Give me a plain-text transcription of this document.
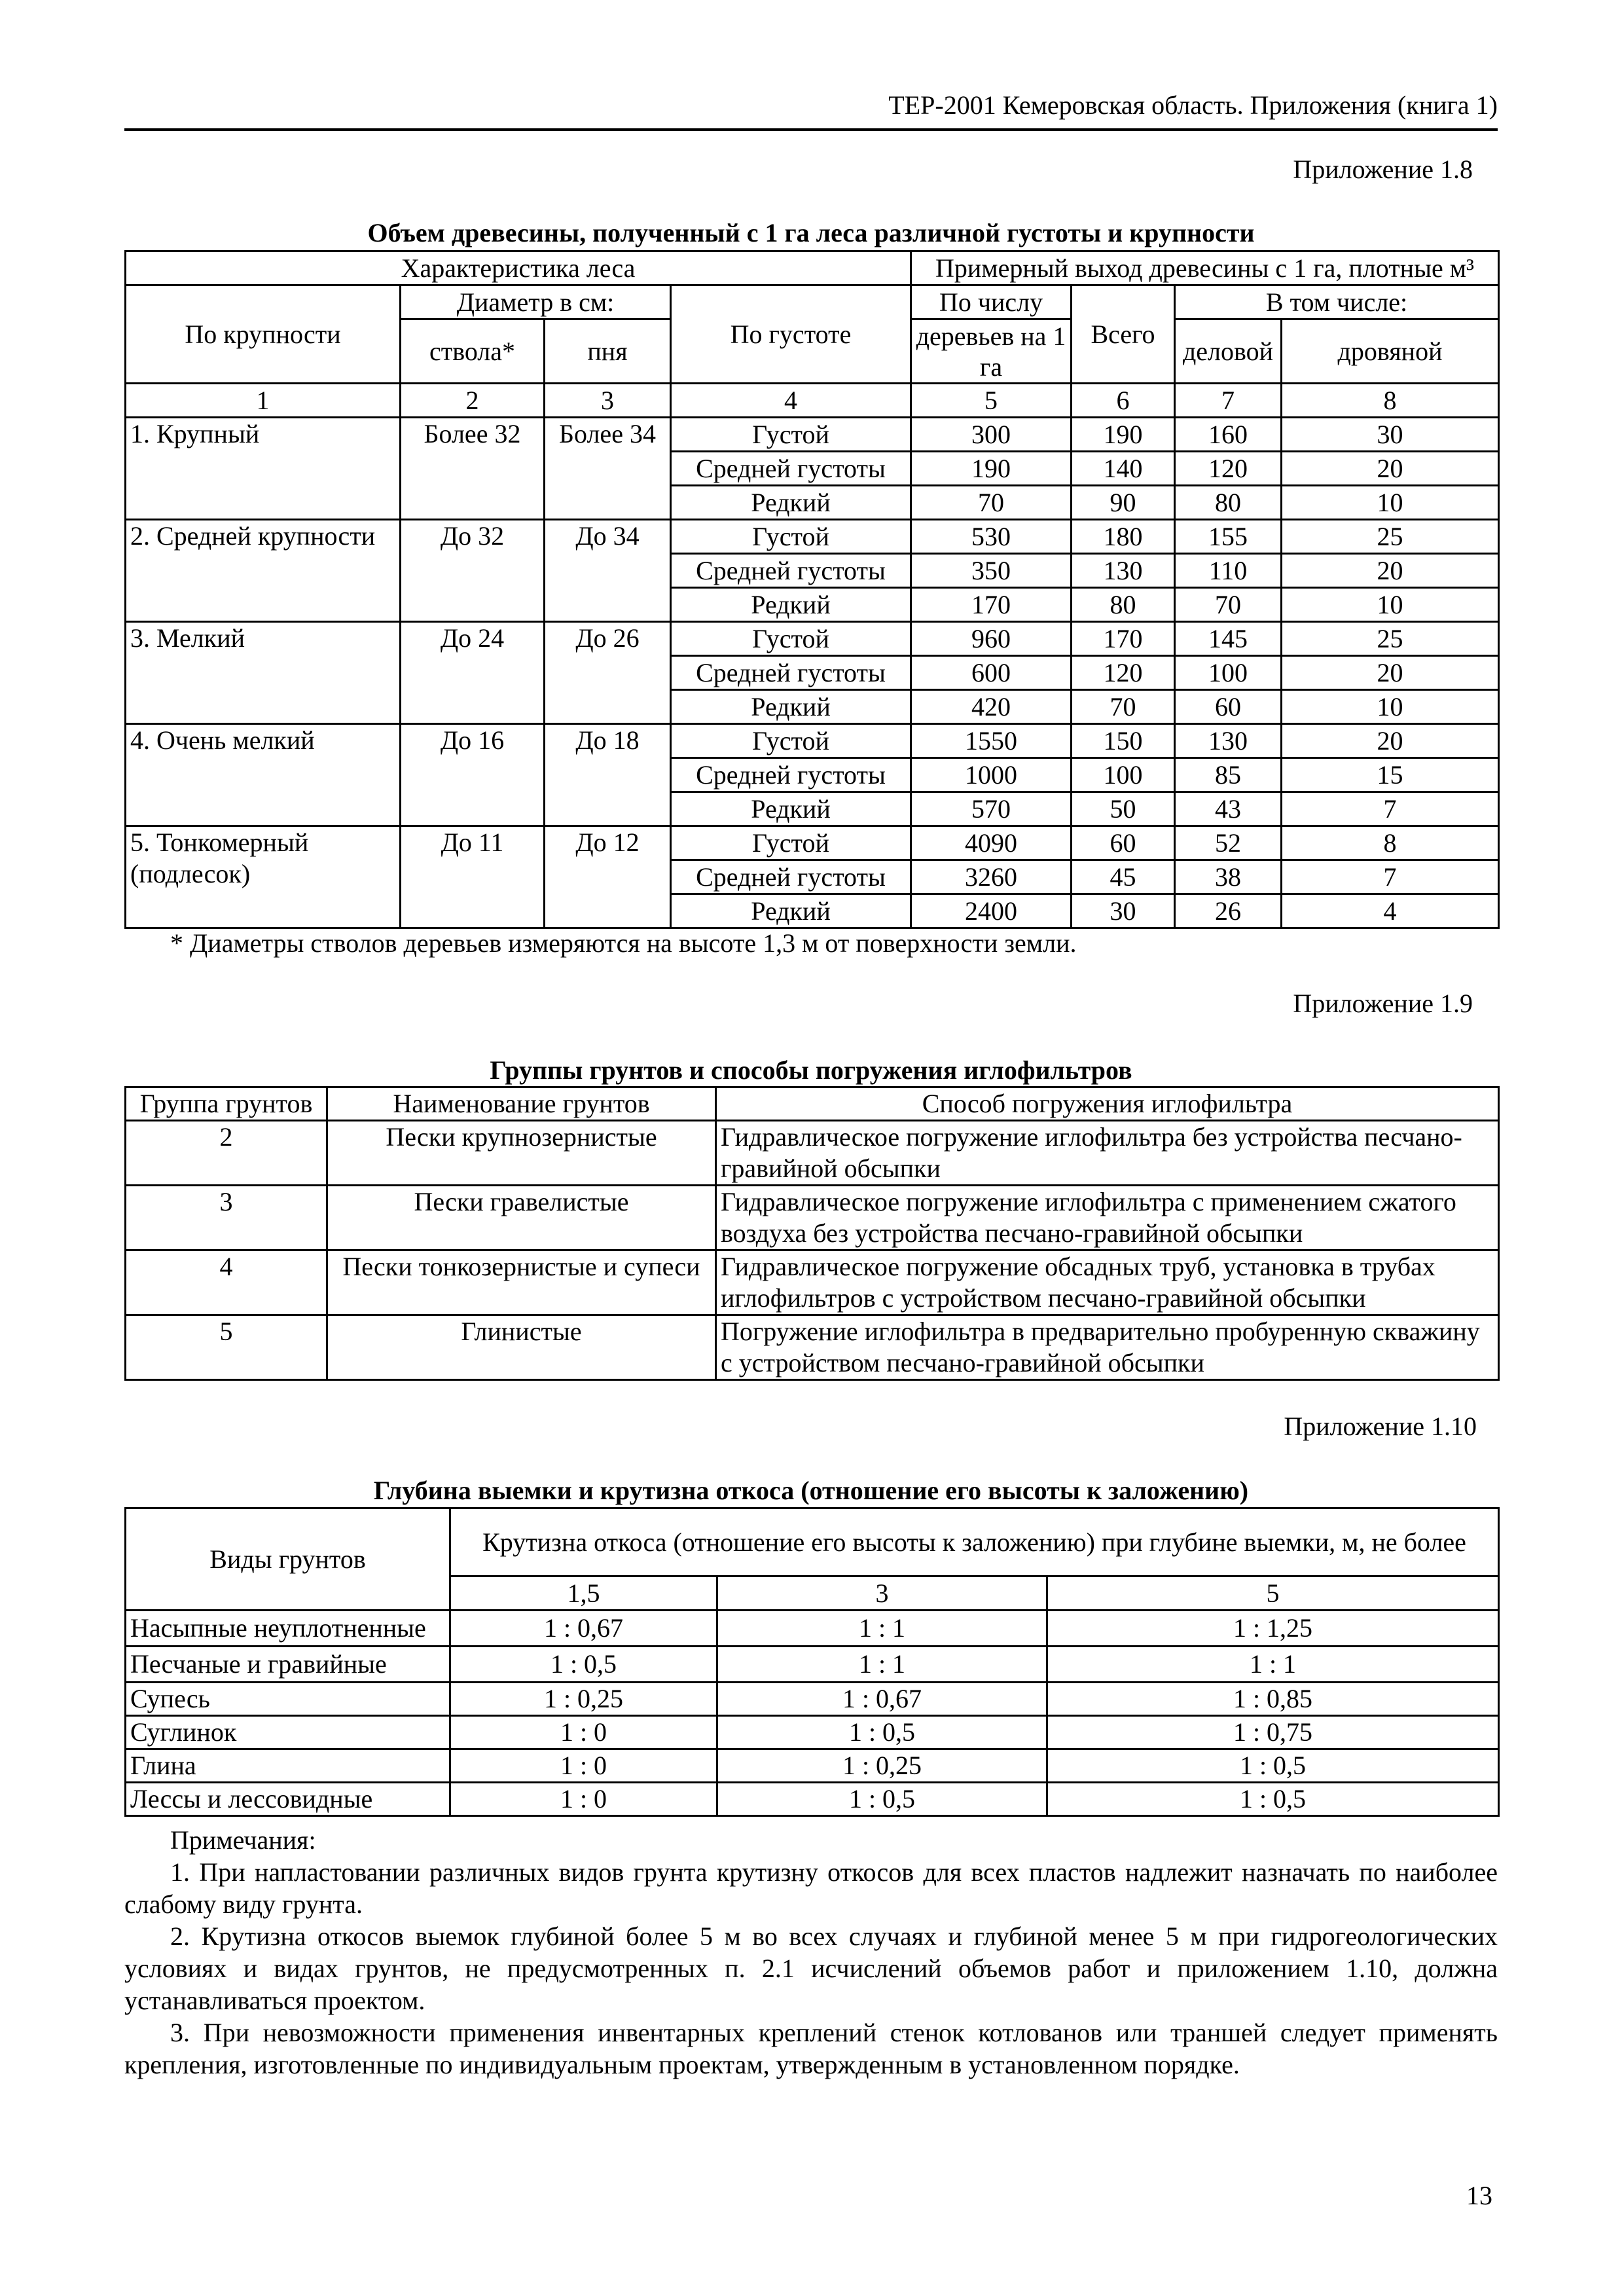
ТЕР-2001 Кемеровская область. Приложения (книга 1)
Приложение 1.8
Объем древесины, полученный с 1 га леса различной густоты и крупности
Характеристика леса				Примерный выход древесины с 1 га, плотные м³			
По крупности	Диаметр в см:		По густоте	По числу	Всего	В том числе:	
	ствола*	пня		деревьев на 1 га		деловой	дровяной
1	2	3	4	5	6	7	8
1. Крупный	Более 32	Более 34	Густой	300	190	160	30
			Средней густоты	190	140	120	20
			Редкий	70	90	80	10
2. Средней крупности	До 32	До 34	Густой	530	180	155	25
			Средней густоты	350	130	110	20
			Редкий	170	80	70	10
3. Мелкий	До 24	До 26	Густой	960	170	145	25
			Средней густоты	600	120	100	20
			Редкий	420	70	60	10
4. Очень мелкий	До 16	До 18	Густой	1550	150	130	20
			Средней густоты	1000	100	85	15
			Редкий	570	50	43	7
5. Тонкомерный (подлесок)	До 11	До 12	Густой	4090	60	52	8
			Средней густоты	3260	45	38	7
			Редкий	2400	30	26	4
* Диаметры стволов деревьев измеряются на высоте 1,3 м от поверхности земли.
Приложение 1.9
Группы грунтов и способы погружения иглофильтров
Группа грунтов	Наименование грунтов	Способ погружения иглофильтра
2	Пески крупнозернистые	Гидравлическое погружение иглофильтра без устройства песчано-гравийной обсыпки
3	Пески гравелистые	Гидравлическое погружение иглофильтра с применением сжатого воздуха без устройства песчано-гравийной обсыпки
4	Пески тонкозернистые и супеси	Гидравлическое погружение обсадных труб, установка в трубах иглофильтров с устройством песчано-гравийной обсыпки
5	Глинистые	Погружение иглофильтра в предварительно пробуренную скважину с устройством песчано-гравийной обсыпки
Приложение 1.10
Глубина выемки и крутизна откоса (отношение его высоты к заложению)
Виды грунтов	Крутизна откоса (отношение его высоты к заложению) при глубине выемки, м, не более		
	1,5	3	5
Насыпные неуплотненные	1 : 0,67	1 : 1	1 : 1,25
Песчаные и гравийные	1 : 0,5	1 : 1	1 : 1
Супесь	1 : 0,25	1 : 0,67	1 : 0,85
Суглинок	1 : 0	1 : 0,5	1 : 0,75
Глина	1 : 0	1 : 0,25	1 : 0,5
Лессы и лессовидные	1 : 0	1 : 0,5	1 : 0,5

Примечания:

1. При напластовании различных видов грунта крутизну откосов для всех пластов надлежит назначать по наиболее слабому виду грунта.

2. Крутизна откосов выемок глубиной более 5 м во всех случаях и глубиной менее 5 м при гидрогеологических условиях и видах грунтов, не предусмотренных п. 2.1 исчислений объемов работ и приложением 1.10, должна устанавливаться проектом.

3. При невозможности применения инвентарных креплений стенок котлованов или траншей следует применять крепления, изготовленные по индивидуальным проектам, утвержденным в установленном порядке.

13
